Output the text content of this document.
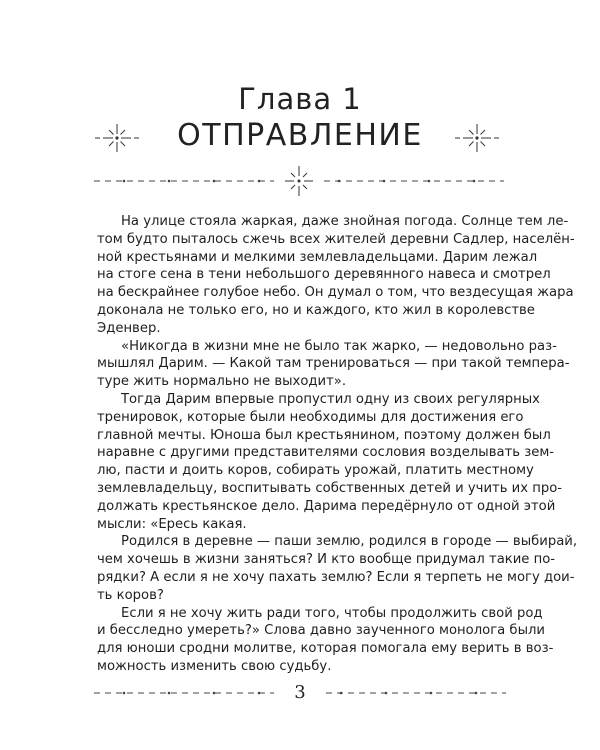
Глава 1
ОТПРАВЛЕНИЕ
На улице стояла жаркая, даже знойная погода. Солнце тем ле-
том будто пыталось сжечь всех жителей деревни Садлер, населён-
ной крестьянами и мелкими землевладельцами. Дарим лежал
на стоге сена в тени небольшого деревянного навеса и смотрел
на бескрайнее голубое небо. Он думал о том, что вездесущая жара
доконала не только его, но и каждого, кто жил в королевстве
Эденвер.
«Никогда в жизни мне не было так жарко, — недовольно раз-
мышлял Дарим. — Какой там тренироваться — при такой темпера-
туре жить нормально не выходит».
Тогда Дарим впервые пропустил одну из своих регулярных
тренировок, которые были необходимы для достижения его
главной мечты. Юноша был крестьянином, поэтому должен был
наравне с другими представителями сословия возделывать зем-
лю, пасти и доить коров, собирать урожай, платить местному
землевладельцу, воспитывать собственных детей и учить их про-
должать крестьянское дело. Дарима передёрнуло от одной этой
мысли: «Ересь какая.
Родился в деревне — паши землю, родился в городе — выбирай,
чем хочешь в жизни заняться? И кто вообще придумал такие по-
рядки? А если я не хочу пахать землю? Если я терпеть не могу дои-
ть коров?
Если я не хочу жить ради того, чтобы продолжить свой род
и бесследно умереть?» Слова давно заученного монолога были
для юноши сродни молитве, которая помогала ему верить в воз-
можность изменить свою судьбу.
3
